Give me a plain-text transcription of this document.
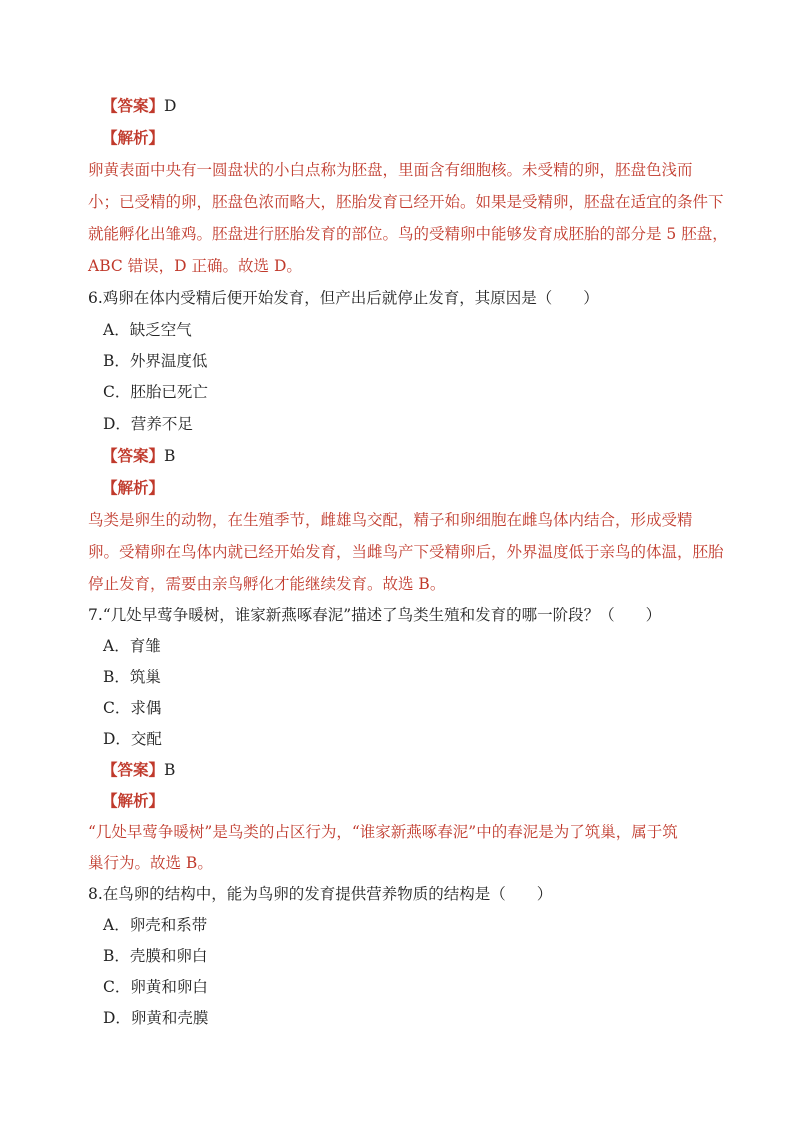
【答案】D
【解析】
卵黄表面中央有一圆盘状的小白点称为胚盘，里面含有细胞核。未受精的卵，胚盘色浅而
小；已受精的卵，胚盘色浓而略大，胚胎发育已经开始。如果是受精卵，胚盘在适宜的条件下
就能孵化出雏鸡。胚盘进行胚胎发育的部位。鸟的受精卵中能够发育成胚胎的部分是 5 胚盘，
ABC 错误，D 正确。故选 D。
6.鸡卵在体内受精后便开始发育，但产出后就停止发育，其原因是（　　）
A．缺乏空气
B．外界温度低
C．胚胎已死亡
D．营养不足
【答案】B
【解析】
鸟类是卵生的动物，在生殖季节，雌雄鸟交配，精子和卵细胞在雌鸟体内结合，形成受精
卵。受精卵在鸟体内就已经开始发育，当雌鸟产下受精卵后，外界温度低于亲鸟的体温，胚胎
停止发育，需要由亲鸟孵化才能继续发育。故选 B。
7.“几处早莺争暖树，谁家新燕啄春泥”描述了鸟类生殖和发育的哪一阶段？（　　）
A．育雏
B．筑巢
C．求偶
D．交配
【答案】B
【解析】
“几处早莺争暖树”是鸟类的占区行为，“谁家新燕啄春泥”中的春泥是为了筑巢，属于筑
巢行为。故选 B。
8.在鸟卵的结构中，能为鸟卵的发育提供营养物质的结构是（　　）
A．卵壳和系带
B．壳膜和卵白
C．卵黄和卵白
D．卵黄和壳膜
